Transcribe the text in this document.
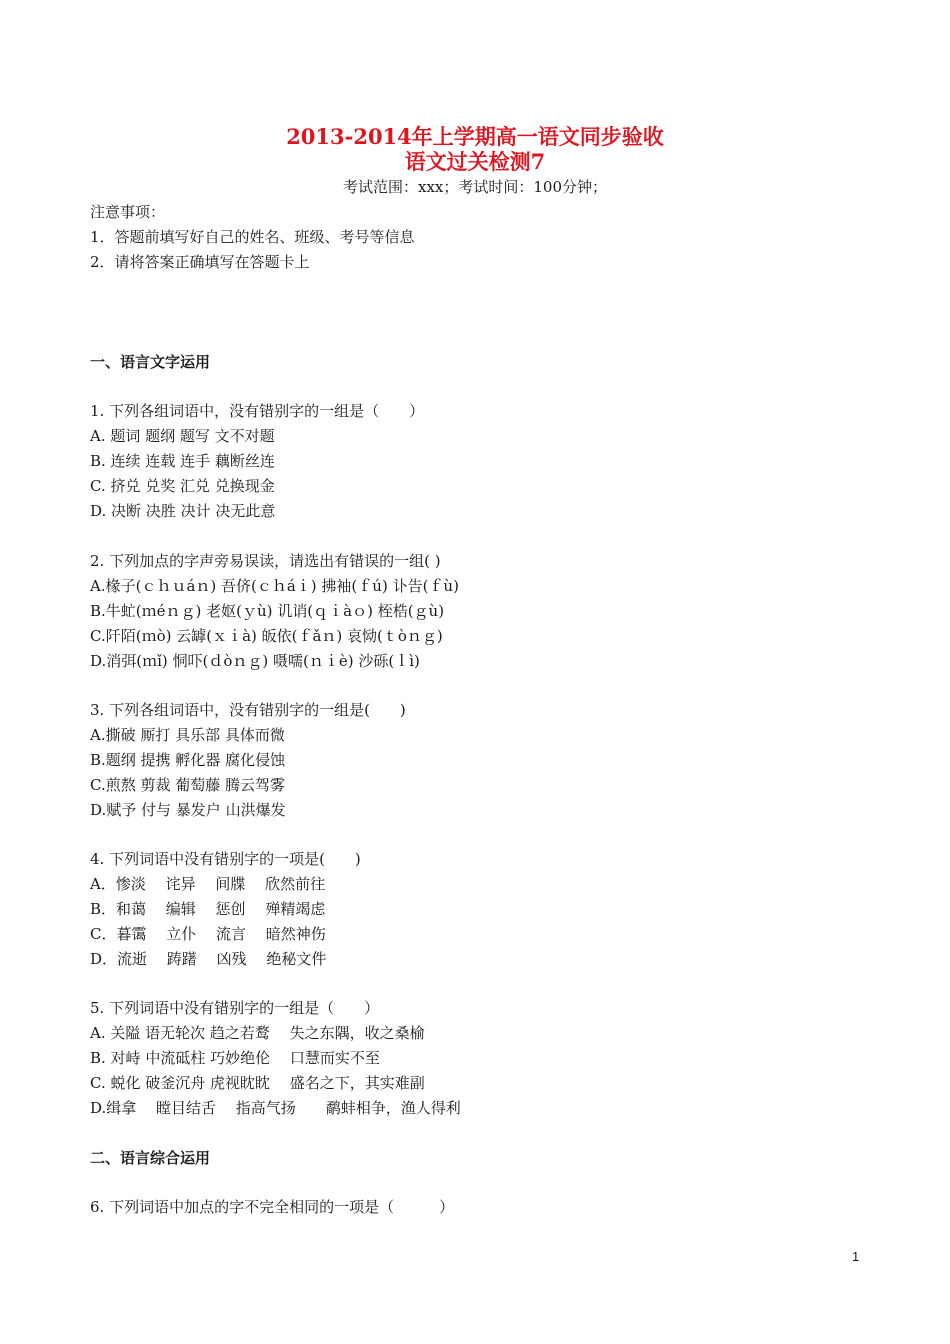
2013-2014年上学期高一语文同步验收
语文过关检测7
考试范围：xxx；考试时间：100分钟；
注意事项：
1．答题前填写好自己的姓名、班级、考号等信息
2．请将答案正确填写在答题卡上
一、语言文字运用
1. 下列各组词语中，没有错别字的一组是（　　）
A. 题词 题纲 题写 文不对题
B. 连续 连载 连手 藕断丝连
C. 挤兑 兑奖 汇兑 兑换现金
D. 决断 决胜 决计 决无此意
2. 下列加点的字声旁易误读，请选出有错误的一组( )
A.椽子(ｃｈｕáｎ) 吾侪(ｃｈáｉ) 拂袖(ｆú) 讣告(ｆù)
B.牛虻(ｍéｎｇ) 老妪(ｙù) 讥诮(ｑｉàｏ) 桎梏(ｇù)
C.阡陌(ｍò) 云罅(ｘｉà) 皈依(ｆǎｎ) 哀恸(ｔòｎｇ)
D.消弭(ｍǐ) 恫吓(ｄòｎｇ) 嗫嚅(ｎｉè) 沙砾(ｌì)
3. 下列各组词语中，没有错别字的一组是(　　)
A.撕破 厮打 具乐部 具体而微
B.题纲 提携 孵化器 腐化侵蚀
C.煎熬 剪裁 葡萄藤 腾云驾雾
D.赋予 付与 暴发户 山洪爆发
4. 下列词语中没有错别字的一项是(　　)
A．惨淡　 诧异　 间牒　 欣然前往
B．和蔼　 编辑　 惩创　 殚精竭虑
C．暮霭　 立仆　 流言　 暗然神伤
D．流逝　 踌躇　 凶残　 绝秘文件
5. 下列词语中没有错别字的一组是（　　）
A. 关隘 语无轮次 趋之若鹜　 失之东隅，收之桑榆
B. 对峙 中流砥柱 巧妙绝伦　 口慧而实不至
C. 蜕化 破釜沉舟 虎视眈眈　 盛名之下，其实难副
D.缉拿　 瞠目结舌　 指高气扬　　鹬蚌相争，渔人得利
二、语言综合运用
6. 下列词语中加点的字不完全相同的一项是（　　　）
1
